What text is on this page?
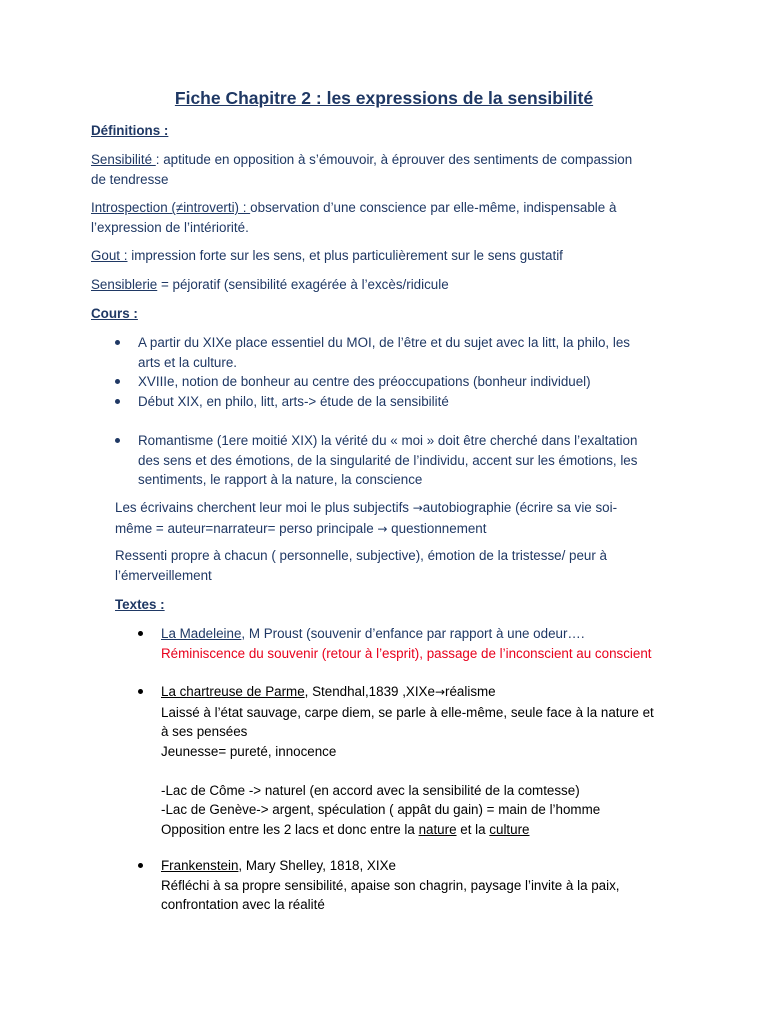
Fiche Chapitre 2 : les expressions de la sensibilité
Définitions :
Sensibilité : aptitude en opposition à s’émouvoir, à éprouver des sentiments de compassion
de tendresse
Introspection (≠introverti) : observation d’une conscience par elle-même, indispensable à
l’expression de l’intériorité.
Gout : impression forte sur les sens, et plus particulièrement sur le sens gustatif
Sensiblerie = péjoratif (sensibilité exagérée à l’excès/ridicule
Cours :
A partir du XIXe place essentiel du MOI, de l’être et du sujet avec la litt, la philo, les
arts et la culture.
XVIIIe, notion de bonheur au centre des préoccupations (bonheur individuel)
Début XIX, en philo, litt, arts-> étude de la sensibilité
Romantisme (1ere moitié XIX) la vérité du « moi » doit être cherché dans l’exaltation
des sens et des émotions, de la singularité de l’individu, accent sur les émotions, les
sentiments, le rapport à la nature, la conscience
Les écrivains cherchent leur moi le plus subjectifs →autobiographie (écrire sa vie soi-
même = auteur=narrateur= perso principale → questionnement
Ressenti propre à chacun ( personnelle, subjective), émotion de la tristesse/ peur à
l’émerveillement
Textes :
La Madeleine, M Proust (souvenir d’enfance par rapport à une odeur….
Réminiscence du souvenir (retour à l’esprit), passage de l’inconscient au conscient
La chartreuse de Parme, Stendhal,1839 ,XIXe→réalisme
Laissé à l’état sauvage, carpe diem, se parle à elle-même, seule face à la nature et
à ses pensées
Jeunesse= pureté, innocence

-Lac de Côme -> naturel (en accord avec la sensibilité de la comtesse)
-Lac de Genève-> argent, spéculation ( appât du gain) = main de l’homme
Opposition entre les 2 lacs et donc entre la nature et la culture
Frankenstein, Mary Shelley, 1818, XIXe
Réfléchi à sa propre sensibilité, apaise son chagrin, paysage l’invite à la paix,
confrontation avec la réalité
